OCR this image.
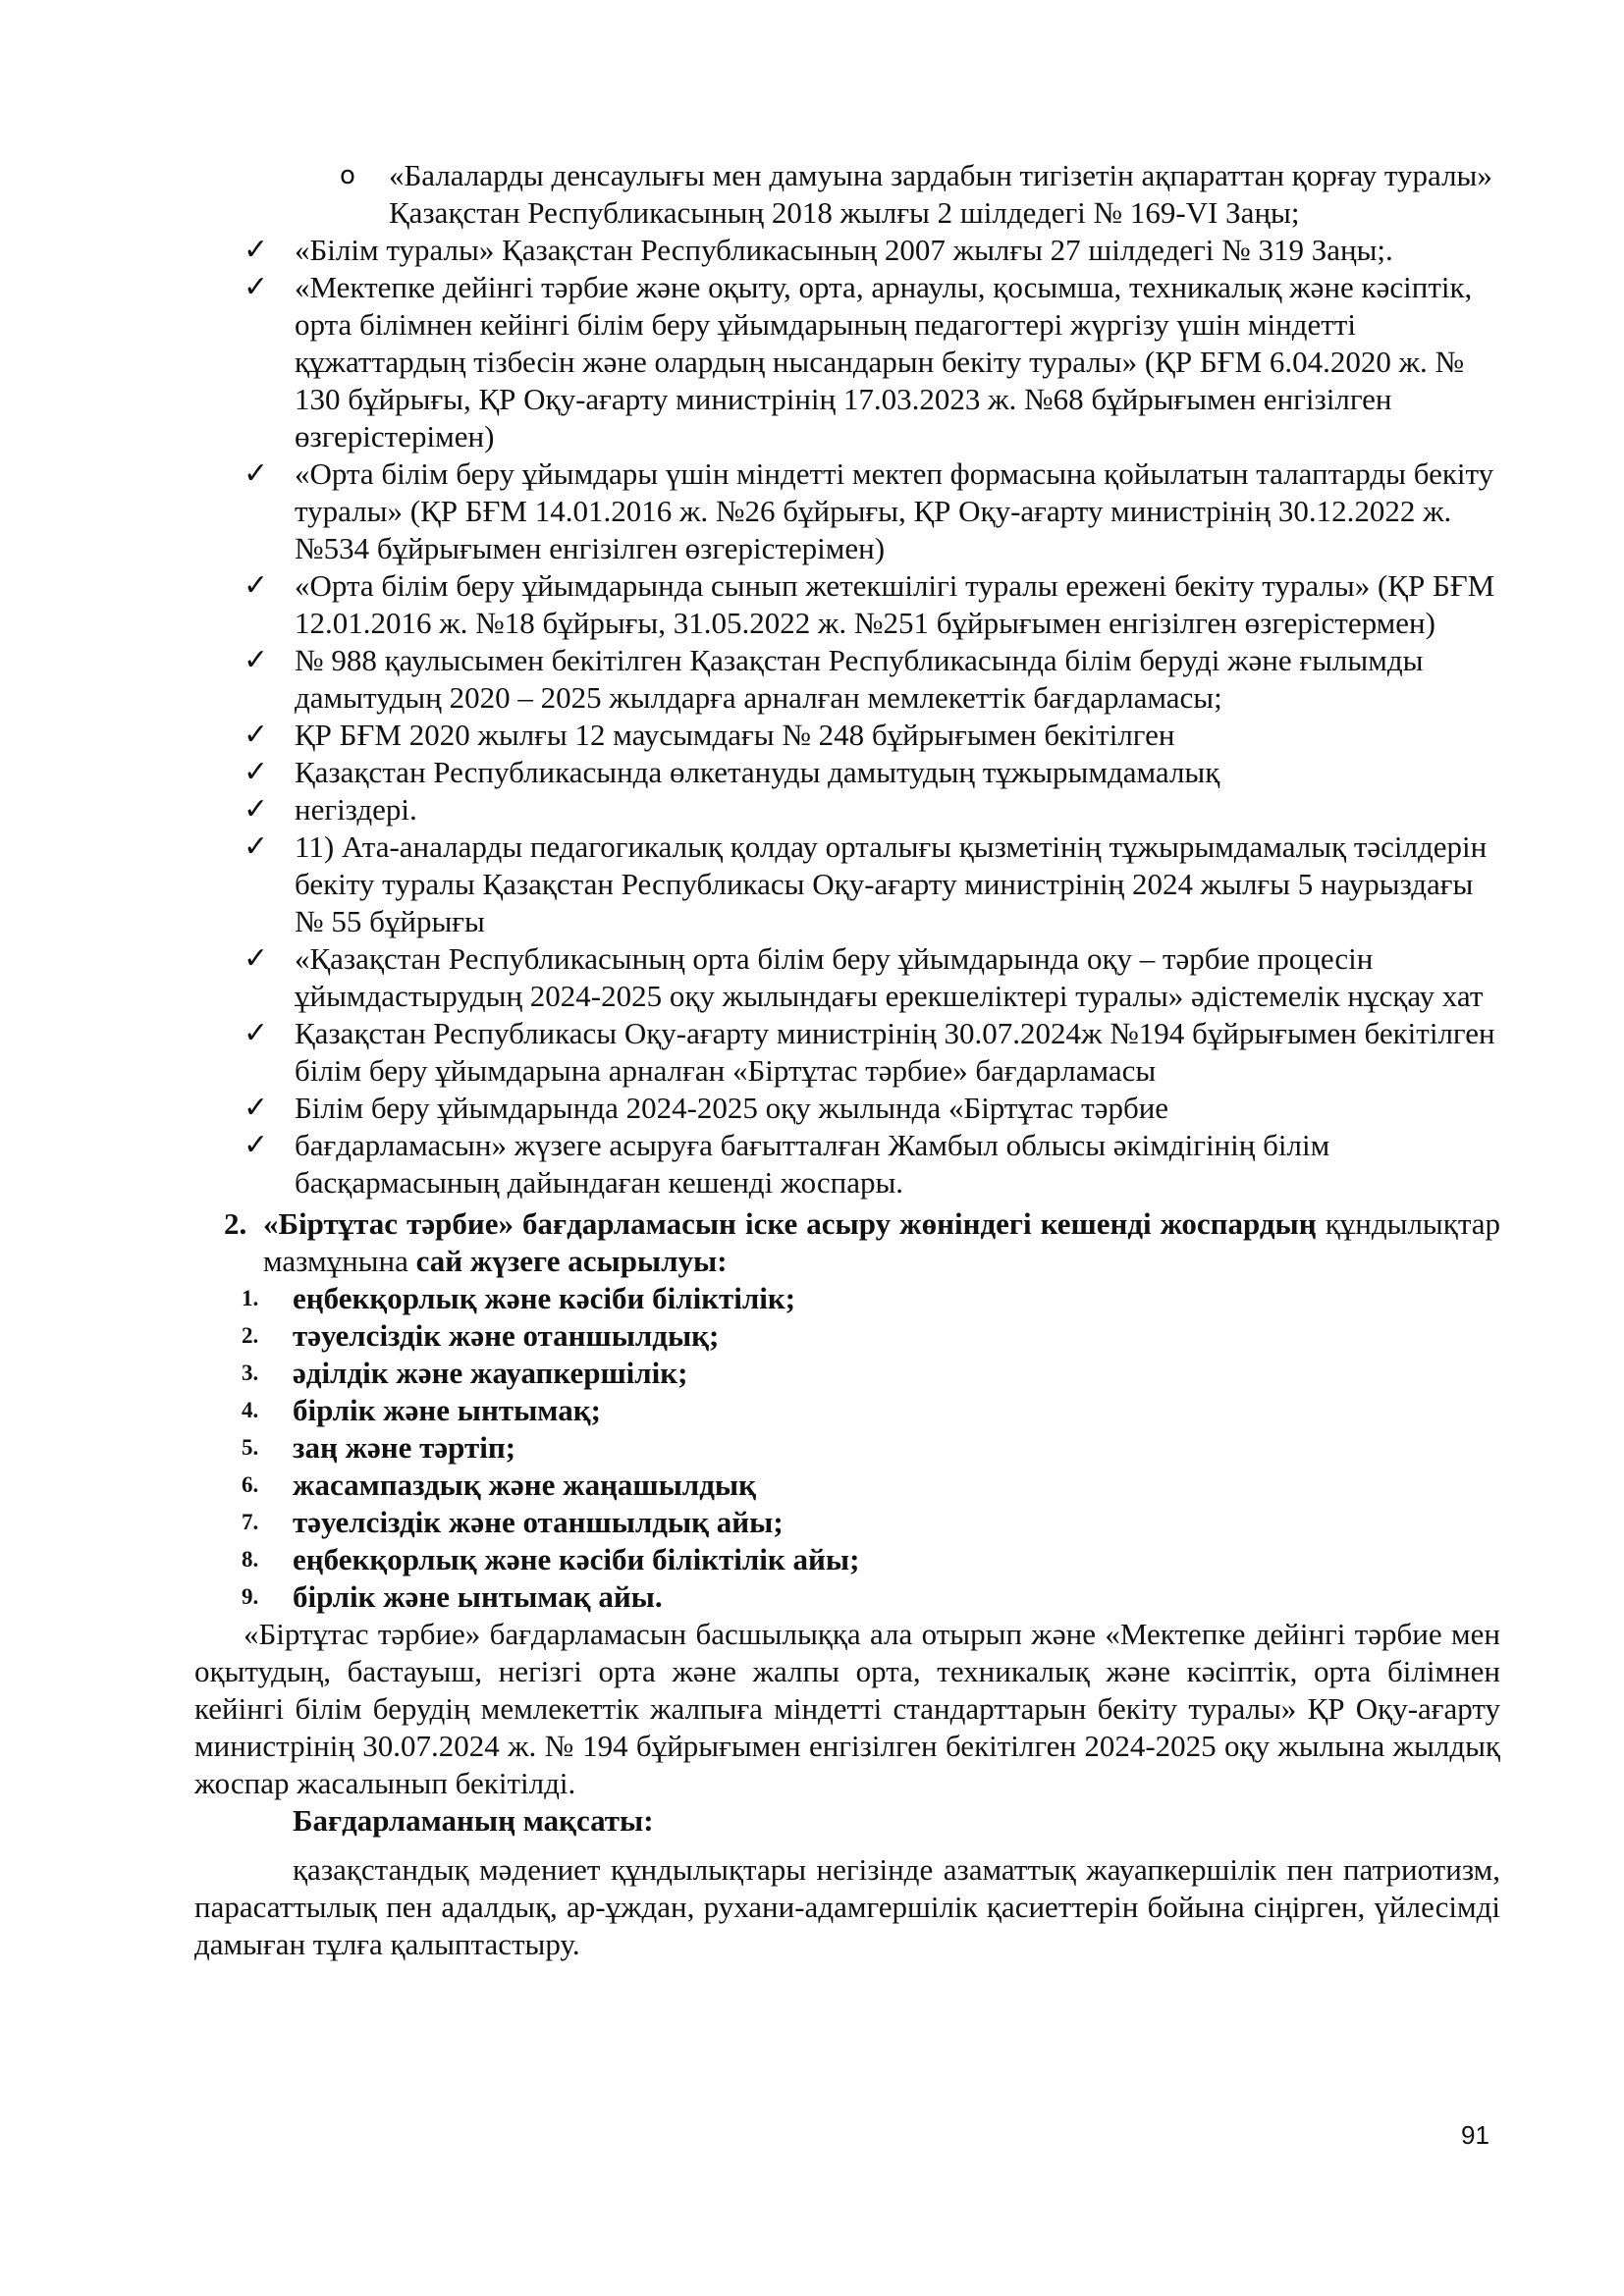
o	«Балаларды денсаулығы мен дамуына зардабын тигізетін ақпараттан қорғау туралы» Қазақстан Республикасының 2018 жылғы 2 шілдедегі № 169-VI Заңы;
✓ «Білім туралы» Қазақстан Республикасының 2007 жылғы 27 шілдедегі № 319 Заңы;.
✓ «Мектепке дейінгі тәрбие және оқыту, орта, арнаулы, қосымша, техникалық және кәсіптік, орта білімнен кейінгі білім беру ұйымдарының педагогтері жүргізу үшін міндетті құжаттардың тізбесін және олардың нысандарын бекіту туралы» (ҚР БҒМ 6.04.2020 ж. № 130 бұйрығы, ҚР Оқу-ағарту министрінің 17.03.2023 ж. №68 бұйрығымен енгізілген өзгерістерімен)
✓ «Орта білім беру ұйымдары үшін міндетті мектеп формасына қойылатын талаптарды бекіту туралы» (ҚР БҒМ 14.01.2016 ж. №26 бұйрығы, ҚР Оқу-ағарту министрінің 30.12.2022 ж. №534 бұйрығымен енгізілген өзгерістерімен)
✓ «Орта білім беру ұйымдарында сынып жетекшілігі туралы ережені бекіту туралы» (ҚР БҒМ 12.01.2016 ж. №18 бұйрығы, 31.05.2022 ж. №251 бұйрығымен енгізілген өзгерістермен)
✓ № 988 қаулысымен бекітілген Қазақстан Республикасында білім беруді және ғылымды дамытудың 2020 – 2025 жылдарға арналған мемлекеттік бағдарламасы;
✓ ҚР БҒМ 2020 жылғы 12 маусымдағы № 248 бұйрығымен бекітілген
✓ Қазақстан Республикасында өлкетануды дамытудың тұжырымдамалық
✓ негіздері.
✓ 11) Ата-аналарды педагогикалық қолдау орталығы қызметінің тұжырымдамалық тәсілдерін бекіту туралы Қазақстан Республикасы Оқу-ағарту министрінің 2024 жылғы 5 наурыздағы № 55 бұйрығы
✓ «Қазақстан Республикасының орта білім беру ұйымдарында оқу – тәрбие процесін ұйымдастырудың 2024-2025 оқу жылындағы ерекшеліктері туралы» әдістемелік нұсқау хат
✓ Қазақстан Республикасы Оқу-ағарту министрінің 30.07.2024ж №194 бұйрығымен бекітілген білім беру ұйымдарына арналған «Біртұтас тәрбие» бағдарламасы
✓ Білім беру ұйымдарында 2024-2025 оқу жылында «Біртұтас тәрбие
✓ бағдарламасын» жүзеге асыруға бағытталған Жамбыл облысы әкімдігінің білім басқармасының дайындаған кешенді жоспары.
2. «Біртұтас тәрбие» бағдарламасын іске асыру жөніндегі кешенді жоспардың құндылықтар мазмұнына сай жүзеге асырылуы:
1. еңбекқорлық және кәсіби біліктілік;
2. тәуелсіздік және отаншылдық;
3. әділдік және жауапкершілік;
4. бірлік және ынтымақ;
5. заң және тәртіп;
6. жасампаздық және жаңашылдық
7. тәуелсіздік және отаншылдық айы;
8. еңбекқорлық және кәсіби біліктілік айы;
9. бірлік және ынтымақ айы.

«Біртұтас тәрбие» бағдарламасын басшылыққа ала отырып және «Мектепке дейінгі тәрбие мен оқытудың, бастауыш, негізгі орта және жалпы орта, техникалық және кәсіптік, орта білімнен кейінгі білім берудің мемлекеттік жалпыға міндетті стандарттарын бекіту туралы» ҚР Оқу-ағарту министрінің 30.07.2024 ж. № 194 бұйрығымен енгізілген бекітілген 2024-2025 оқу жылына жылдық жоспар жасалынып бекітілді.

Бағдарламаның мақсаты:

қазақстандық мәдениет құндылықтары негізінде азаматтық жауапкершілік пен патриотизм, парасаттылық пен адалдық, ар-ұждан, рухани-адамгершілік қасиеттерін бойына сіңірген, үйлесімді дамыған тұлға қалыптастыру.

91
